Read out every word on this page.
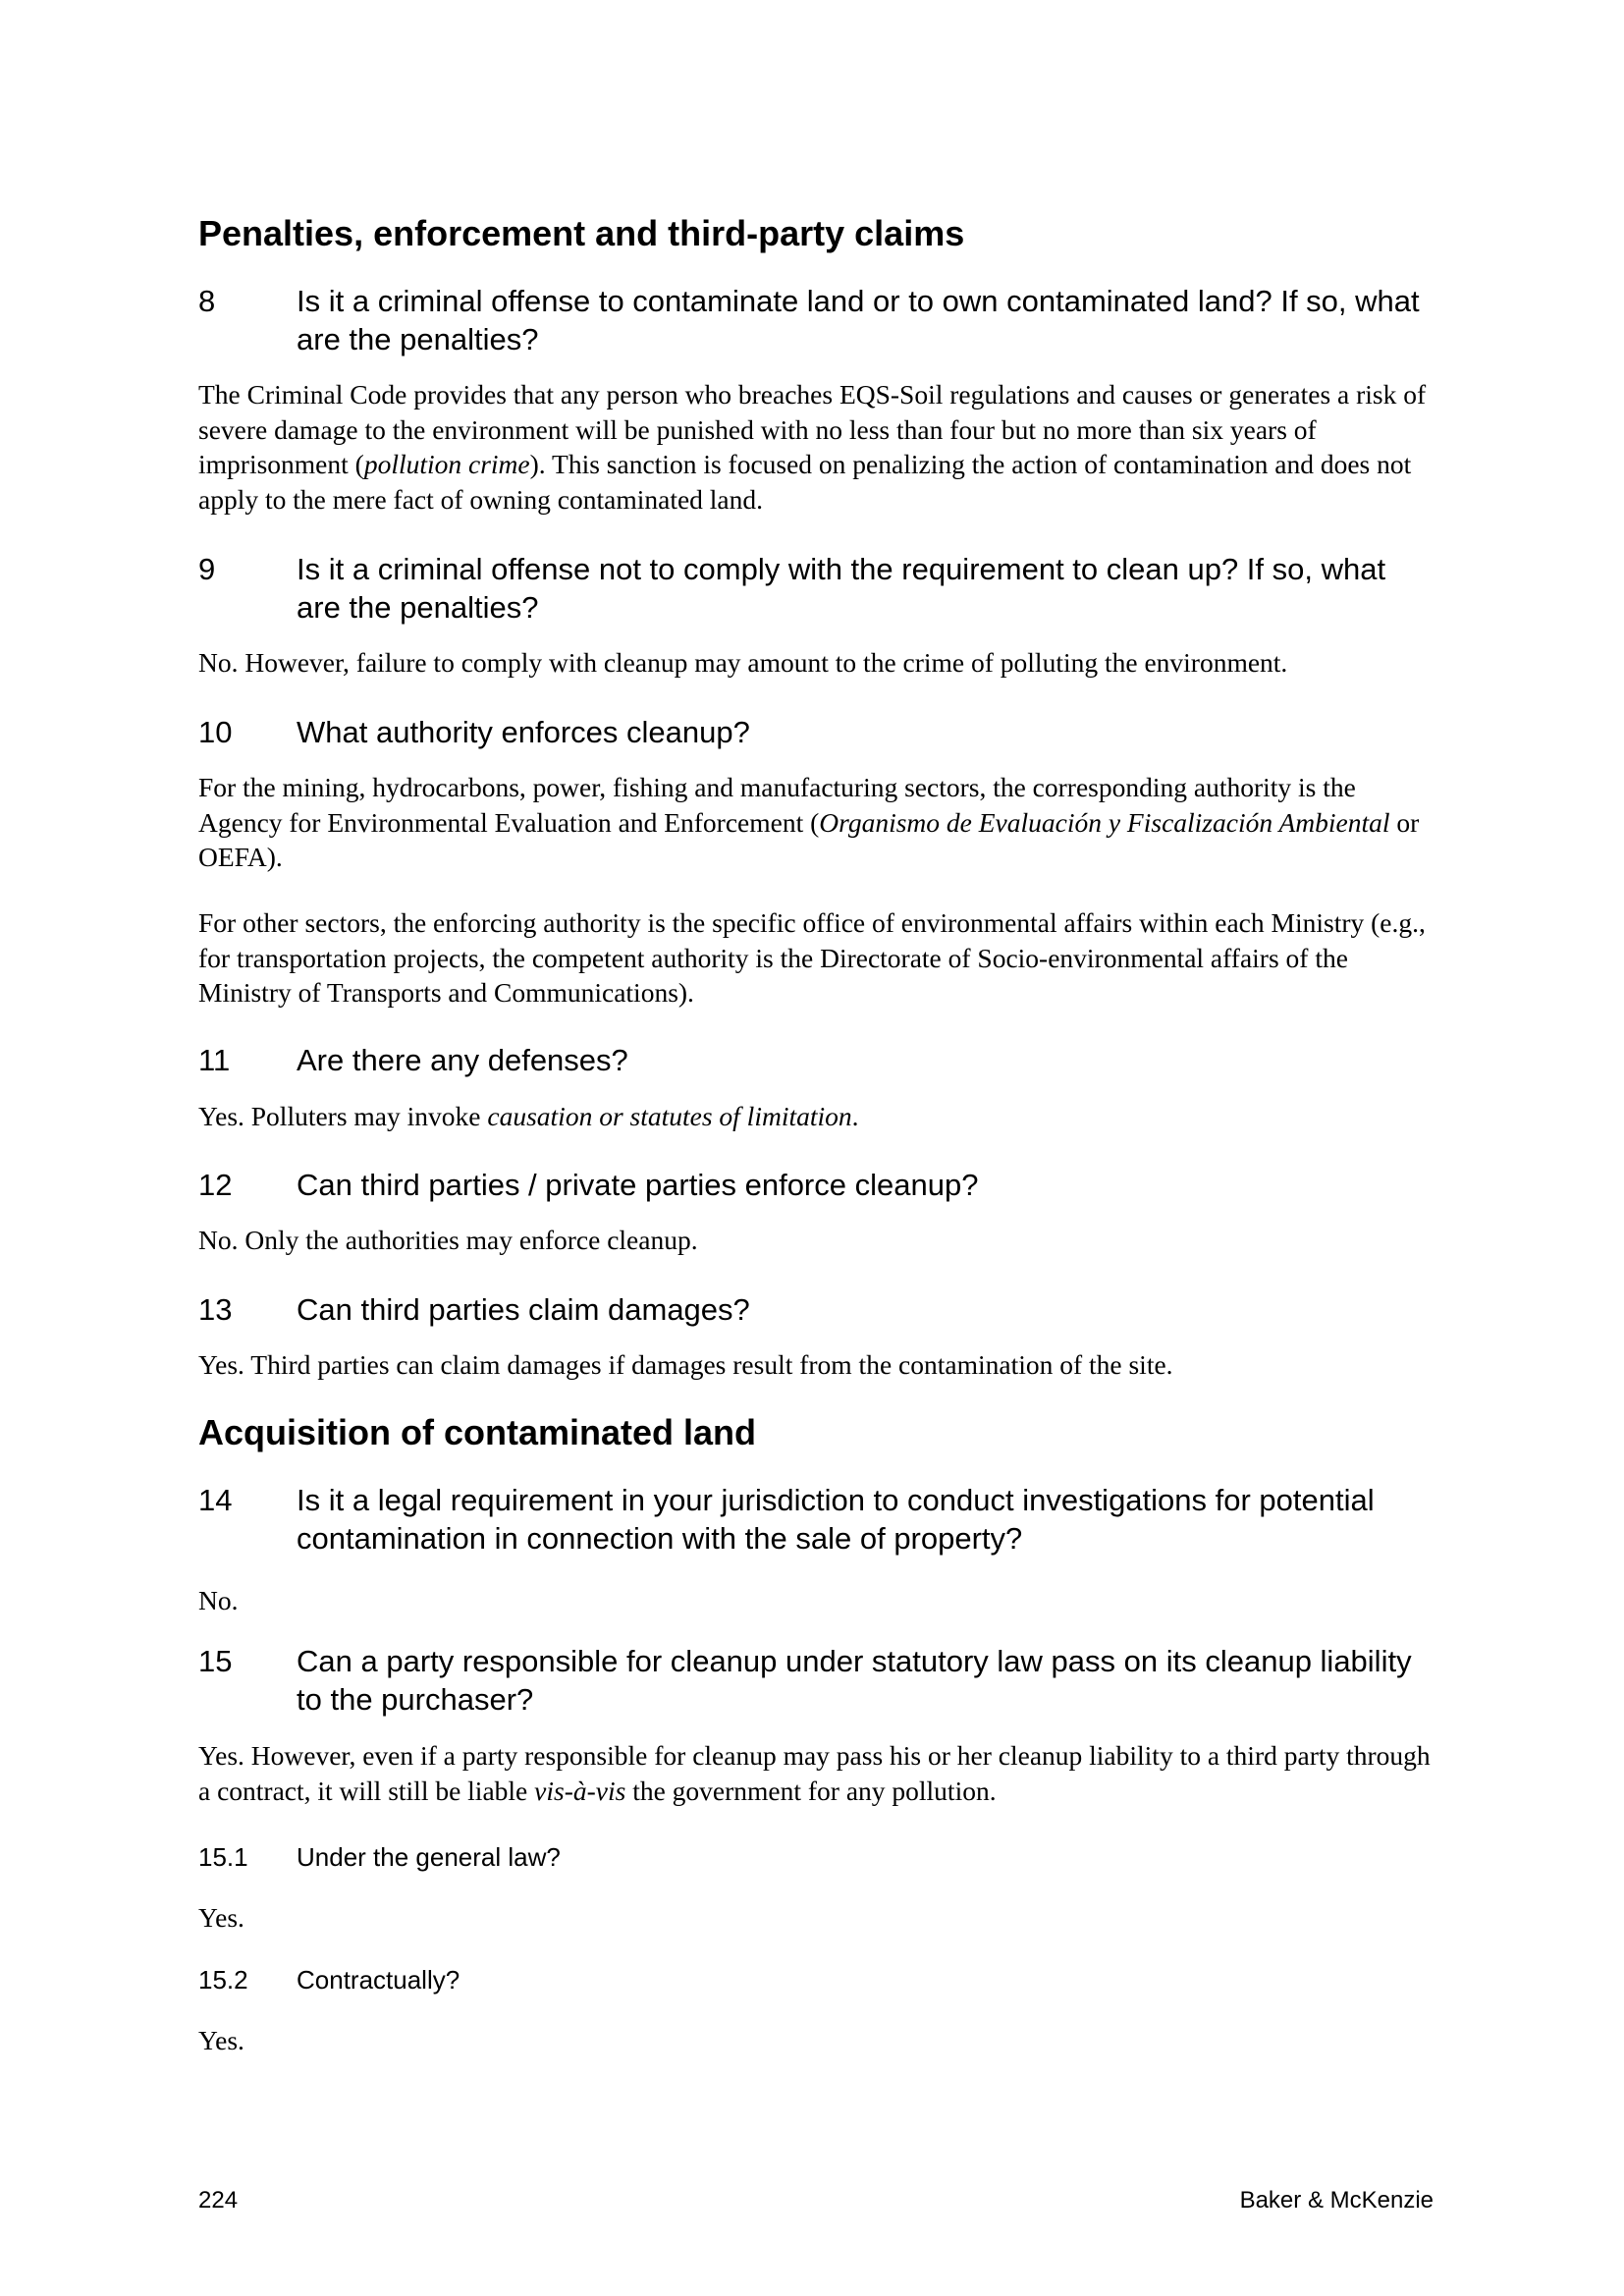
Penalties, enforcement and third-party claims
8	Is it a criminal offense to contaminate land or to own contaminated land? If so, what are the penalties?

The Criminal Code provides that any person who breaches EQS-Soil regulations and causes or generates a risk of severe damage to the environment will be punished with no less than four but no more than six years of imprisonment (pollution crime). This sanction is focused on penalizing the action of contamination and does not apply to the mere fact of owning contaminated land.

9	Is it a criminal offense not to comply with the requirement to clean up? If so, what are the penalties?

No. However, failure to comply with cleanup may amount to the crime of polluting the environment.

10 What authority enforces cleanup?

For the mining, hydrocarbons, power, fishing and manufacturing sectors, the corresponding authority is the Agency for Environmental Evaluation and Enforcement (Organismo de Evaluación y Fiscalización Ambiental or OEFA).

For other sectors, the enforcing authority is the specific office of environmental affairs within each Ministry (e.g., for transportation projects, the competent authority is the Directorate of Socio-environmental affairs of the Ministry of Transports and Communications).

11 Are there any defenses?

Yes. Polluters may invoke causation or statutes of limitation.

12 Can third parties / private parties enforce cleanup?

No. Only the authorities may enforce cleanup.

13 Can third parties claim damages?

Yes. Third parties can claim damages if damages result from the contamination of the site.

Acquisition of contaminated land
14 Is it a legal requirement in your jurisdiction to conduct investigations for potential contamination in connection with the sale of property?

No.

15 Can a party responsible for cleanup under statutory law pass on its cleanup liability to the purchaser?

Yes. However, even if a party responsible for cleanup may pass his or her cleanup liability to a third party through a contract, it will still be liable vis-à-vis the government for any pollution.

15.1 Under the general law?

Yes.

15.2 Contractually?

Yes.

224	Baker & McKenzie
